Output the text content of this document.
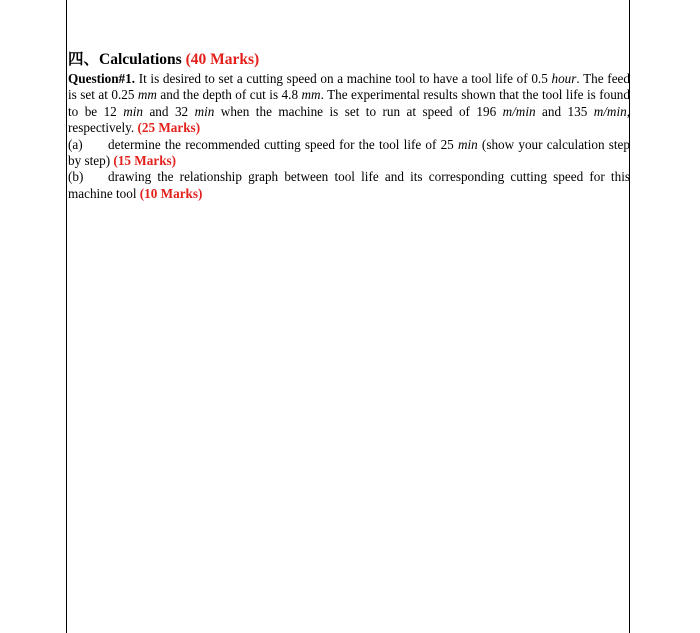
四、Calculations (40 Marks)

Question#1. It is desired to set a cutting speed on a machine tool to have a tool life of 0.5 hour. The feed is set at 0.25 mm and the depth of cut is 4.8 mm. The experimental results shown that the tool life is found to be 12 min and 32 min when the machine is set to run at speed of 196 m/min and 135 m/min, respectively. (25 Marks)

(a) determine the recommended cutting speed for the tool life of 25 min (show your calculation step by step) (15 Marks)

(b) drawing the relationship graph between tool life and its corresponding cutting speed for this machine tool (10 Marks)
